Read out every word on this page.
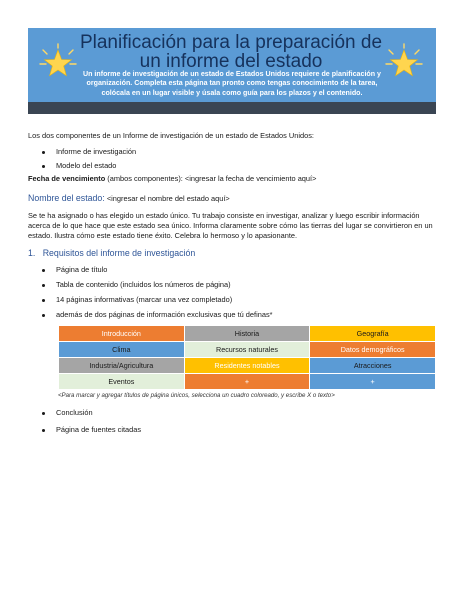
Planificación para la preparación de un informe del estado
Un informe de investigación de un estado de Estados Unidos requiere de planificación y organización. Completa esta página tan pronto como tengas conocimiento de la tarea, colócala en un lugar visible y úsala como guía para los plazos y el contenido.

Los dos componentes de un Informe de investigación de un estado de Estados Unidos:

Informe de investigación
Modelo del estado

Fecha de vencimiento (ambos componentes): <ingresar la fecha de vencimiento aquí>

Nombre del estado: <ingresar el nombre del estado aquí>

Se te ha asignado o has elegido un estado único. Tu trabajo consiste en investigar, analizar y luego escribir información acerca de lo que hace que este estado sea único. Informa claramente sobre cómo las tierras del lugar se convirtieron en un estado. Ilustra cómo este estado tiene éxito. Celebra lo hermoso y lo apasionante.

1. Requisitos del informe de investigación

Página de título
Tabla de contenido (incluidos los números de página)
14 páginas informativas (marcar una vez completado)
además de dos páginas de información exclusivas que tú definas*
Introducción	Historia	Geografía
Clima	Recursos naturales	Datos demográficos
Industria/Agricultura	Residentes notables	Atracciones
Eventos	+	+

<Para marcar y agregar títulos de página únicos, selecciona un cuadro coloreado, y escribe X o texto>

Conclusión
Página de fuentes citadas
